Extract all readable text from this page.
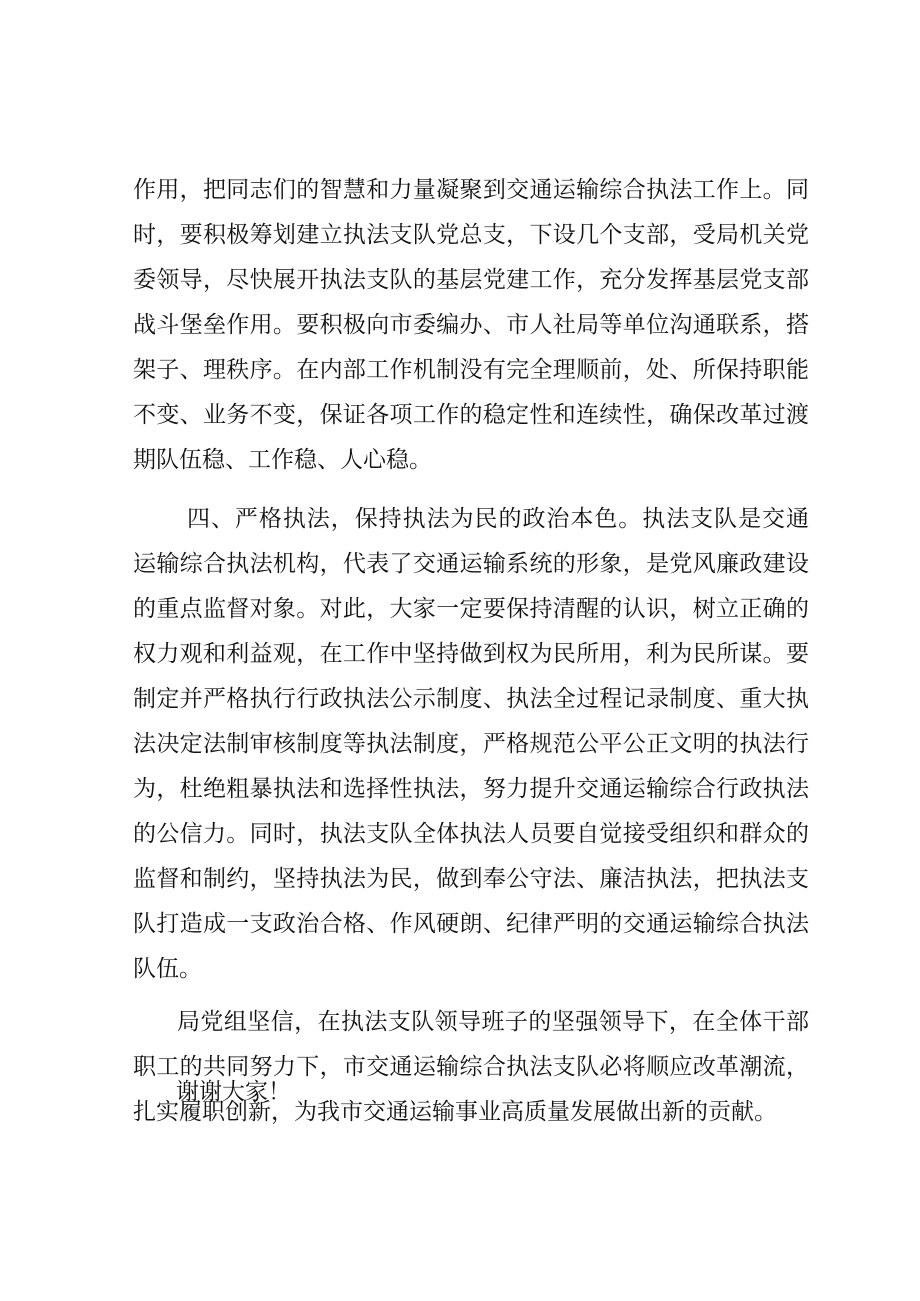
作用，把同志们的智慧和力量凝聚到交通运输综合执法工作上。同
时，要积极筹划建立执法支队党总支，下设几个支部，受局机关党
委领导，尽快展开执法支队的基层党建工作，充分发挥基层党支部
战斗堡垒作用。要积极向市委编办、市人社局等单位沟通联系，搭
架子、理秩序。在内部工作机制没有完全理顺前，处、所保持职能
不变、业务不变，保证各项工作的稳定性和连续性，确保改革过渡
期队伍稳、工作稳、人心稳。
四、严格执法，保持执法为民的政治本色。执法支队是交通
运输综合执法机构，代表了交通运输系统的形象，是党风廉政建设
的重点监督对象。对此，大家一定要保持清醒的认识，树立正确的
权力观和利益观，在工作中坚持做到权为民所用，利为民所谋。要
制定并严格执行行政执法公示制度、执法全过程记录制度、重大执
法决定法制审核制度等执法制度，严格规范公平公正文明的执法行
为，杜绝粗暴执法和选择性执法，努力提升交通运输综合行政执法
的公信力。同时，执法支队全体执法人员要自觉接受组织和群众的
监督和制约，坚持执法为民，做到奉公守法、廉洁执法，把执法支
队打造成一支政治合格、作风硬朗、纪律严明的交通运输综合执法
队伍。
局党组坚信，在执法支队领导班子的坚强领导下，在全体干部
职工的共同努力下，市交通运输综合执法支队必将顺应改革潮流，
扎实履职创新，为我市交通运输事业高质量发展做出新的贡献。
谢谢大家！
